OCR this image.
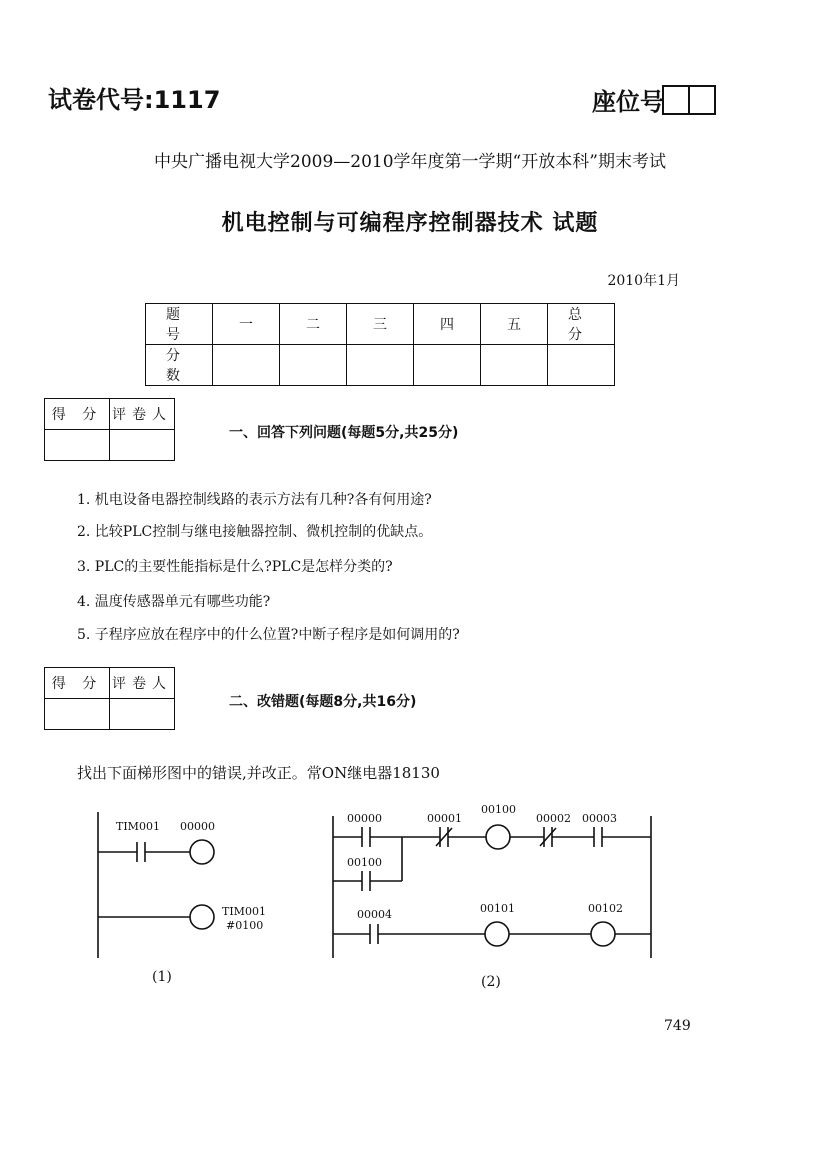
试卷代号:1117	座位号
中央广播电视大学2009—2010学年度第一学期“开放本科”期末考试
机电控制与可编程序控制器技术 试题
2010年1月
题 号	一	二	三	四	五	总 分
分 数						
得 分	评卷人

一、回答下列问题(每题5分,共25分)
1. 机电设备电器控制线路的表示方法有几种?各有何用途?
2. 比较PLC控制与继电接触器控制、微机控制的优缺点。
3. PLC的主要性能指标是什么?PLC是怎样分类的?
4. 温度传感器单元有哪些功能?
5. 子程序应放在程序中的什么位置?中断子程序是如何调用的?
得 分	评卷人

二、改错题(每题8分,共16分)
找出下面梯形图中的错误,并改正。常ON继电器18130
TIM001 00000
TIM001
#0100
(1)
00000	00001
00100
00002 00003
00100
00004	00101	00102
(2)
749
